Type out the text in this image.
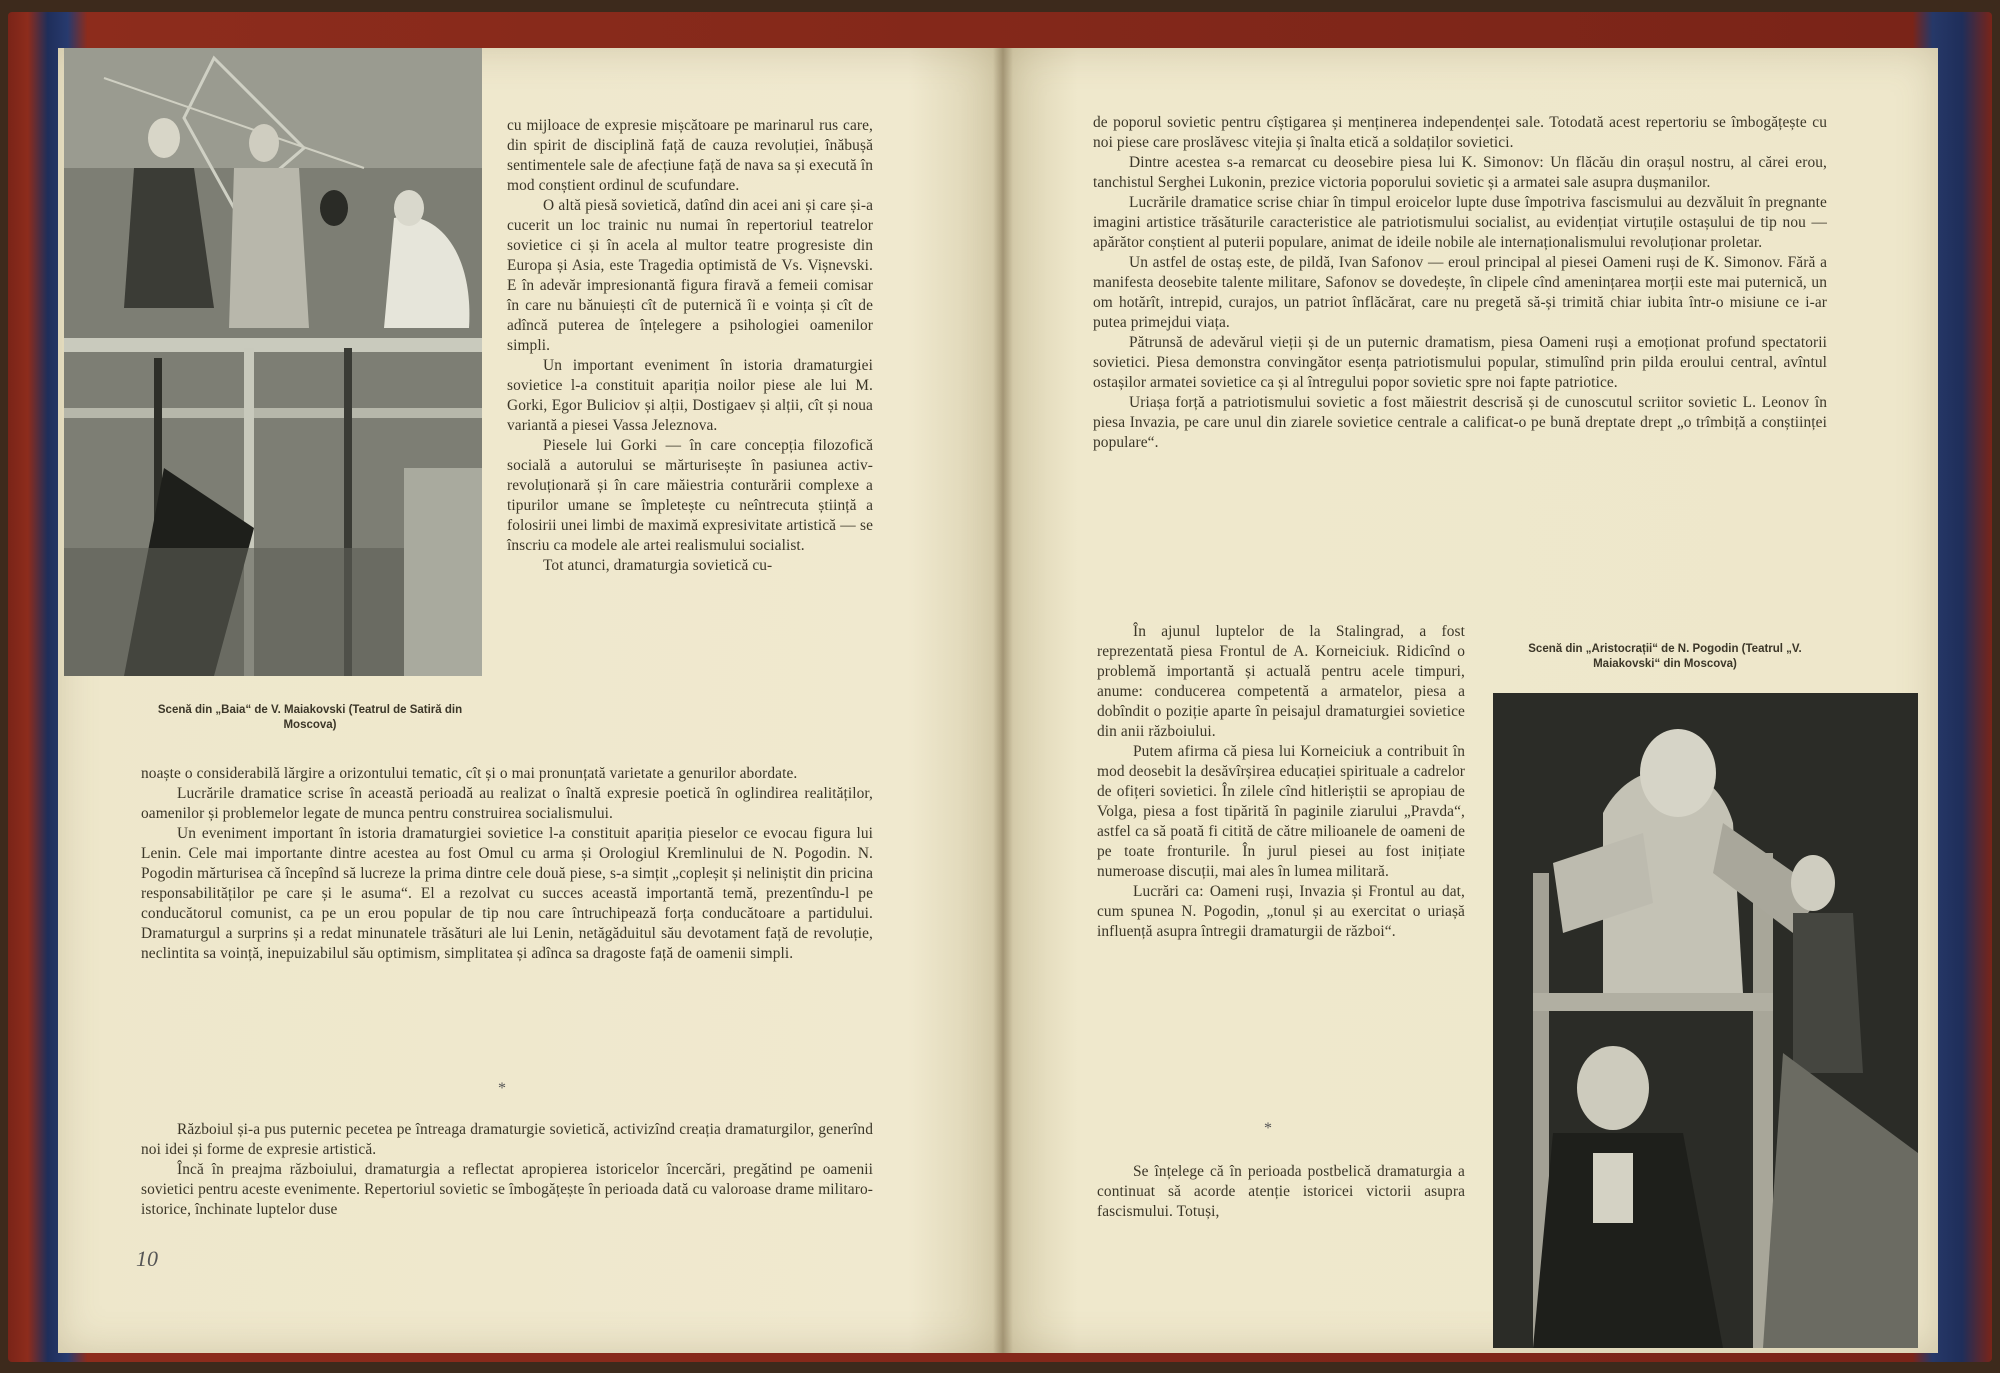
Scenă din „Baia“ de V. Maiakovski (Teatrul de Satiră din Moscova)

cu mijloace de expresie mișcătoare pe marinarul rus care, din spirit de disciplină față de cauza revoluției, înăbușă sentimentele sale de afecțiune față de nava sa și execută în mod conștient ordinul de scufundare.

O altă piesă sovietică, datînd din acei ani și care și-a cucerit un loc trainic nu numai în repertoriul teatrelor sovietice ci și în acela al multor teatre progresiste din Europa și Asia, este Tragedia optimistă de Vs. Vișnevski. E în adevăr impresionantă figura firavă a femeii comisar în care nu bănuiești cît de puternică îi e voința și cît de adîncă puterea de înțelegere a psihologiei oamenilor simpli.

Un important eveniment în istoria dramaturgiei sovietice l-a constituit apariția noilor piese ale lui M. Gorki, Egor Buliciov și alții, Dostigaev și alții, cît și noua variantă a piesei Vassa Jeleznova.

Piesele lui Gorki — în care concepția filozofică socială a autorului se mărturisește în pasiunea activ-revoluționară și în care măiestria conturării complexe a tipurilor umane se împletește cu neîntrecuta știință a folosirii unei limbi de maximă expresivitate artistică — se înscriu ca modele ale artei realismului socialist.

Tot atunci, dramaturgia sovietică cu-

noaște o considerabilă lărgire a orizontului tematic, cît și o mai pronunțată varietate a genurilor abordate.

Lucrările dramatice scrise în această perioadă au realizat o înaltă expresie poetică în oglindirea realităților, oamenilor și problemelor legate de munca pentru construirea socialismului.

Un eveniment important în istoria dramaturgiei sovietice l-a constituit apariția pieselor ce evocau figura lui Lenin. Cele mai importante dintre acestea au fost Omul cu arma și Orologiul Kremlinului de N. Pogodin. N. Pogodin mărturisea că începînd să lucreze la prima dintre cele două piese, s-a simțit „copleșit și neliniștit din pricina responsabilităților pe care și le asuma“. El a rezolvat cu succes această importantă temă, prezentîndu-l pe conducătorul comunist, ca pe un erou popular de tip nou care întruchipează forța conducătoare a partidului. Dramaturgul a surprins și a redat minunatele trăsături ale lui Lenin, netăgăduitul său devotament față de revoluție, neclintita sa voință, inepuizabilul său optimism, simplitatea și adînca sa dragoste față de oamenii simpli.

*

Războiul și-a pus puternic pecetea pe întreaga dramaturgie sovietică, activizînd creația dramaturgilor, generînd noi idei și forme de expresie artistică.

Încă în preajma războiului, dramaturgia a reflectat apropierea istoricelor încercări, pregătind pe oamenii sovietici pentru aceste evenimente. Repertoriul sovietic se îmbogățește în perioada dată cu valoroase drame militaro-istorice, închinate luptelor duse

10

de poporul sovietic pentru cîștigarea și menținerea independenței sale. Totodată acest repertoriu se îmbogățește cu noi piese care proslăvesc vitejia și înalta etică a soldaților sovietici.

Dintre acestea s-a remarcat cu deosebire piesa lui K. Simonov: Un flăcău din orașul nostru, al cărei erou, tanchistul Serghei Lukonin, prezice victoria poporului sovietic și a armatei sale asupra dușmanilor.

Lucrările dramatice scrise chiar în timpul eroicelor lupte duse împotriva fascismului au dezvăluit în pregnante imagini artistice trăsăturile caracteristice ale patriotismului socialist, au evidențiat virtuțile ostașului de tip nou — apărător conștient al puterii populare, animat de ideile nobile ale internaționalismului revoluționar proletar.

Un astfel de ostaș este, de pildă, Ivan Safonov — eroul principal al piesei Oameni ruși de K. Simonov. Fără a manifesta deosebite talente militare, Safonov se dovedește, în clipele cînd amenințarea morții este mai puternică, un om hotărît, intrepid, curajos, un patriot înflăcărat, care nu pregetă să-și trimită chiar iubita într-o misiune ce i-ar putea primejdui viața.

Pătrunsă de adevărul vieții și de un puternic dramatism, piesa Oameni ruși a emoționat profund spectatorii sovietici. Piesa demonstra convingător esența patriotismului popular, stimulînd prin pilda eroului central, avîntul ostașilor armatei sovietice ca și al întregului popor sovietic spre noi fapte patriotice.

Uriașa forță a patriotismului sovietic a fost măiestrit descrisă și de cunoscutul scriitor sovietic L. Leonov în piesa Invazia, pe care unul din ziarele sovietice centrale a calificat-o pe bună dreptate drept „o trîmbiță a conștiinței populare“.

În ajunul luptelor de la Stalingrad, a fost reprezentată piesa Frontul de A. Korneiciuk. Ridicînd o problemă importantă și actuală pentru acele timpuri, anume: conducerea competentă a armatelor, piesa a dobîndit o poziție aparte în peisajul dramaturgiei sovietice din anii războiului.

Putem afirma că piesa lui Korneiciuk a contribuit în mod deosebit la desăvîrșirea educației spirituale a cadrelor de ofițeri sovietici. În zilele cînd hitleriștii se apropiau de Volga, piesa a fost tipărită în paginile ziarului „Pravda“, astfel ca să poată fi citită de către milioanele de oameni de pe toate fronturile. În jurul piesei au fost inițiate numeroase discuții, mai ales în lumea militară.

Lucrări ca: Oameni ruși, Invazia și Frontul au dat, cum spunea N. Pogodin, „tonul și au exercitat o uriașă influență asupra întregii dramaturgii de război“.

*

Se înțelege că în perioada postbelică dramaturgia a continuat să acorde atenție istoricei victorii asupra fascismului. Totuși,

Scenă din „Aristocrații“ de N. Pogodin (Teatrul „V. Maiakovski“ din Moscova)
